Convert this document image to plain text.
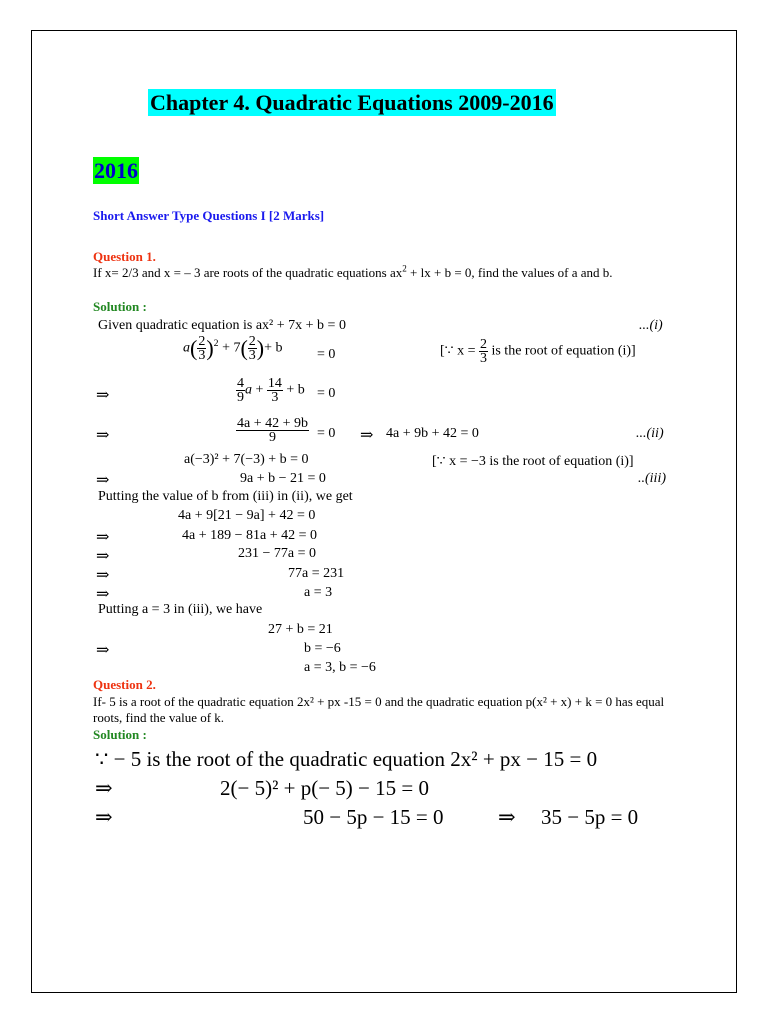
Chapter 4. Quadratic Equations 2009-2016
2016
Short Answer Type Questions I [2 Marks]
Question 1.
If x= 2/3 and x = – 3 are roots of the quadratic equations $ax^2$ + lx + b = 0, find the values of a and b.
Solution :
Given quadratic equation is ax² + 7x + b = 0	...(i)
$a( \frac{2}{3} )^2 + 7( \frac{2}{3}$ )+ b = 0	[∵ $x = \frac{2}{3}$ is the root of equation (i)]
⇒	$\frac{4}{9}$ $a + \frac{14}{3} + b = 0$
⇒	$\frac{4a + 42 + 9b}{9} = 0$ ⇒ 4a + 9b + 42 = 0	...(ii)
a(−3)² + 7(−3) + b = 0	[∵ x = −3 is the root of equation (i)]
⇒	9a + b − 21 = 0	..(iii)
Putting the value of b from (iii) in (ii), we get
4a + 9[21 − 9a] + 42 = 0
⇒	4a + 189 − 81a + 42 = 0
⇒	231 − 77a = 0
⇒	77a = 231
⇒	a = 3
Putting a = 3 in (iii), we have
27 + b = 21
⇒	b = −6
a = 3, b = −6
Question 2.
If- 5 is a root of the quadratic equation 2x² + px -15 = 0 and the quadratic equation p(x² + x) + k = 0 has equal roots, find the value of k.
Solution :
∵ − 5 is the root of the quadratic equation 2x² + px − 15 = 0
⇒	2(− 5)² + p(− 5) − 15 = 0
⇒	50 − 5p − 15 = 0	⇒ 35 − 5p = 0
